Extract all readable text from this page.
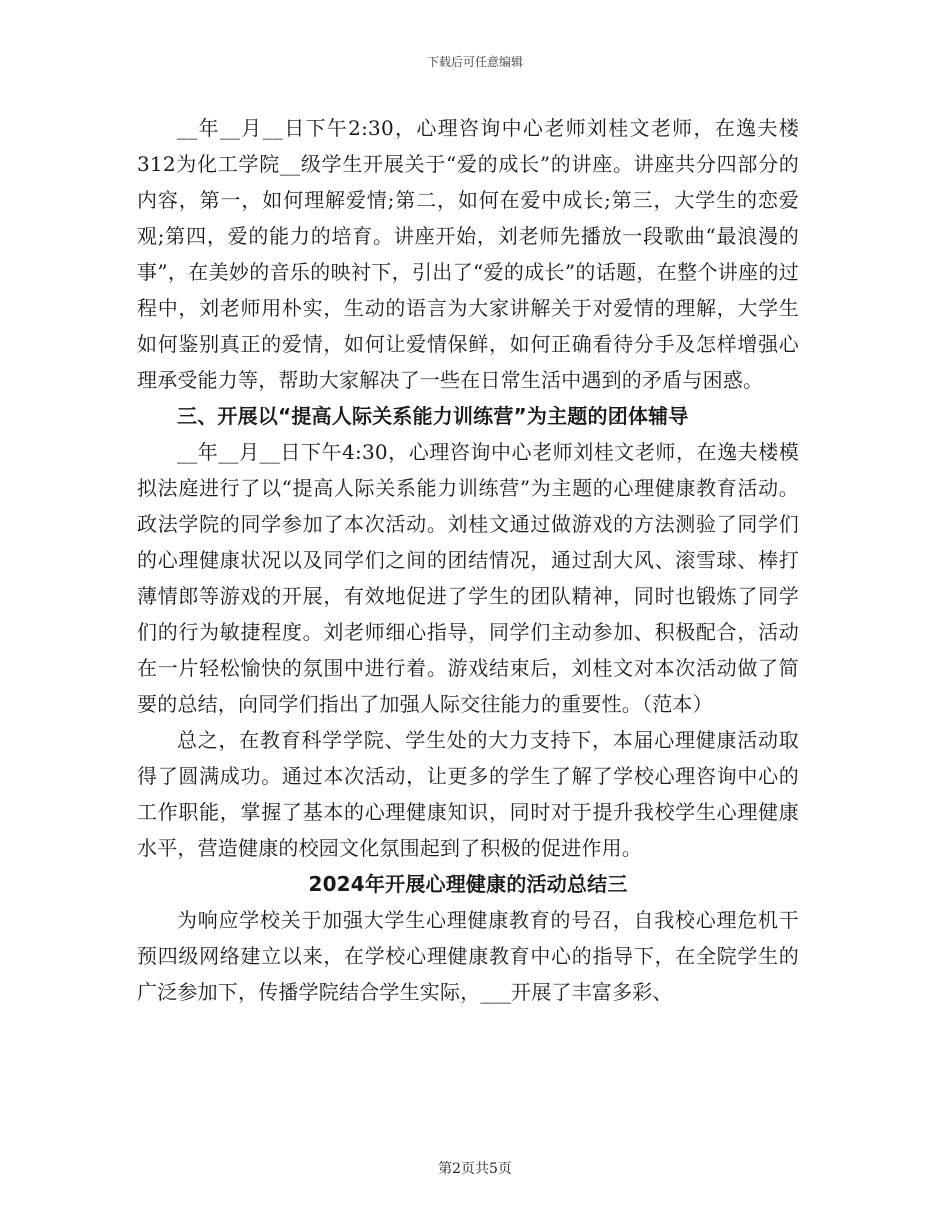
下载后可任意编辑

__年__月__日下午2:30，心理咨询中心老师刘桂文老师，在逸夫楼312为化工学院__级学生开展关于“爱的成长”的讲座。讲座共分四部分的内容，第一，如何理解爱情;第二，如何在爱中成长;第三，大学生的恋爱观;第四，爱的能力的培育。讲座开始，刘老师先播放一段歌曲“最浪漫的事”，在美妙的音乐的映衬下，引出了“爱的成长”的话题，在整个讲座的过程中，刘老师用朴实，生动的语言为大家讲解关于对爱情的理解，大学生如何鉴别真正的爱情，如何让爱情保鲜，如何正确看待分手及怎样增强心理承受能力等，帮助大家解决了一些在日常生活中遇到的矛盾与困惑。

三、开展以“提高人际关系能力训练营”为主题的团体辅导

__年__月__日下午4:30，心理咨询中心老师刘桂文老师，在逸夫楼模拟法庭进行了以“提高人际关系能力训练营”为主题的心理健康教育活动。政法学院的同学参加了本次活动。刘桂文通过做游戏的方法测验了同学们的心理健康状况以及同学们之间的团结情况，通过刮大风、滚雪球、棒打薄情郎等游戏的开展，有效地促进了学生的团队精神，同时也锻炼了同学们的行为敏捷程度。刘老师细心指导，同学们主动参加、积极配合，活动在一片轻松愉快的氛围中进行着。游戏结束后，刘桂文对本次活动做了简要的总结，向同学们指出了加强人际交往能力的重要性。（范本）

总之，在教育科学学院、学生处的大力支持下，本届心理健康活动取得了圆满成功。通过本次活动，让更多的学生了解了学校心理咨询中心的工作职能，掌握了基本的心理健康知识，同时对于提升我校学生心理健康水平，营造健康的校园文化氛围起到了积极的促进作用。

2024年开展心理健康的活动总结三

为响应学校关于加强大学生心理健康教育的号召，自我校心理危机干预四级网络建立以来，在学校心理健康教育中心的指导下，在全院学生的广泛参加下，传播学院结合学生实际，___开展了丰富多彩、

第2页共5页
